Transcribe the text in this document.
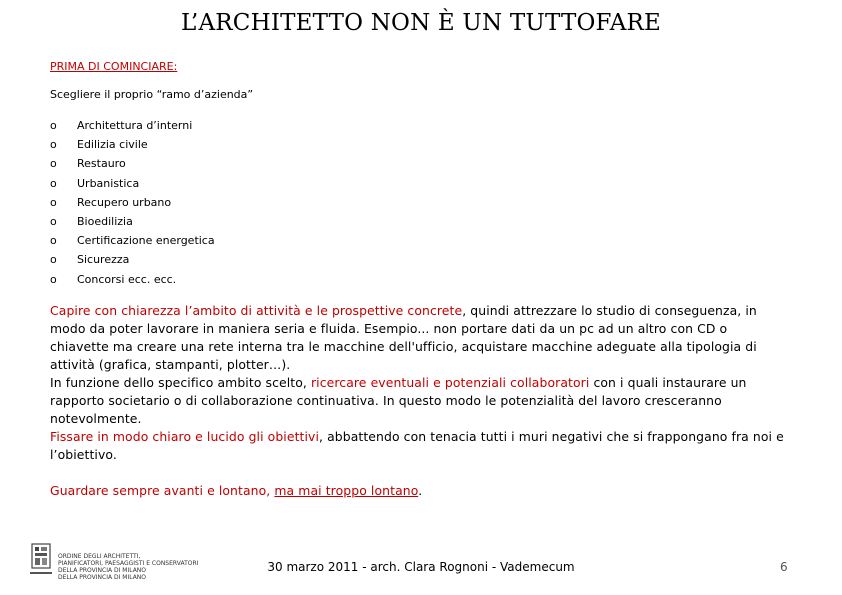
L’ARCHITETTO NON È UN TUTTOFARE
PRIMA DI COMINCIARE:
Scegliere il proprio “ramo d’azienda”
o Architettura d’interni
o Edilizia civile
o Restauro
o Urbanistica
o Recupero urbano
o Bioedilizia
o Certificazione energetica
o Sicurezza
o Concorsi ecc. ecc.

Capire con chiarezza l’ambito di attività e le prospettive concrete, quindi attrezzare lo studio di conseguenza, in modo da poter lavorare in maniera seria e fluida. Esempio... non portare dati da un pc ad un altro con CD o chiavette ma creare una rete interna tra le macchine dell'ufficio, acquistare macchine adeguate alla tipologia di attività (grafica, stampanti, plotter…).

In funzione dello specifico ambito scelto, ricercare eventuali e potenziali collaboratori con i quali instaurare un rapporto societario o di collaborazione continuativa. In questo modo le potenzialità del lavoro cresceranno notevolmente.

Fissare in modo chiaro e lucido gli obiettivi, abbattendo con tenacia tutti i muri negativi che si frappongano fra noi e l’obiettivo.

Guardare sempre avanti e lontano, ma mai troppo lontano.

ORDINE DEGLI ARCHITETTI,
PIANIFICATORI, PAESAGGISTI E CONSERVATORI
DELLA PROVINCIA DI MILANO
DELLA PROVINCIA DI MILANO
30 marzo 2011 - arch. Clara Rognoni - Vademecum	6
